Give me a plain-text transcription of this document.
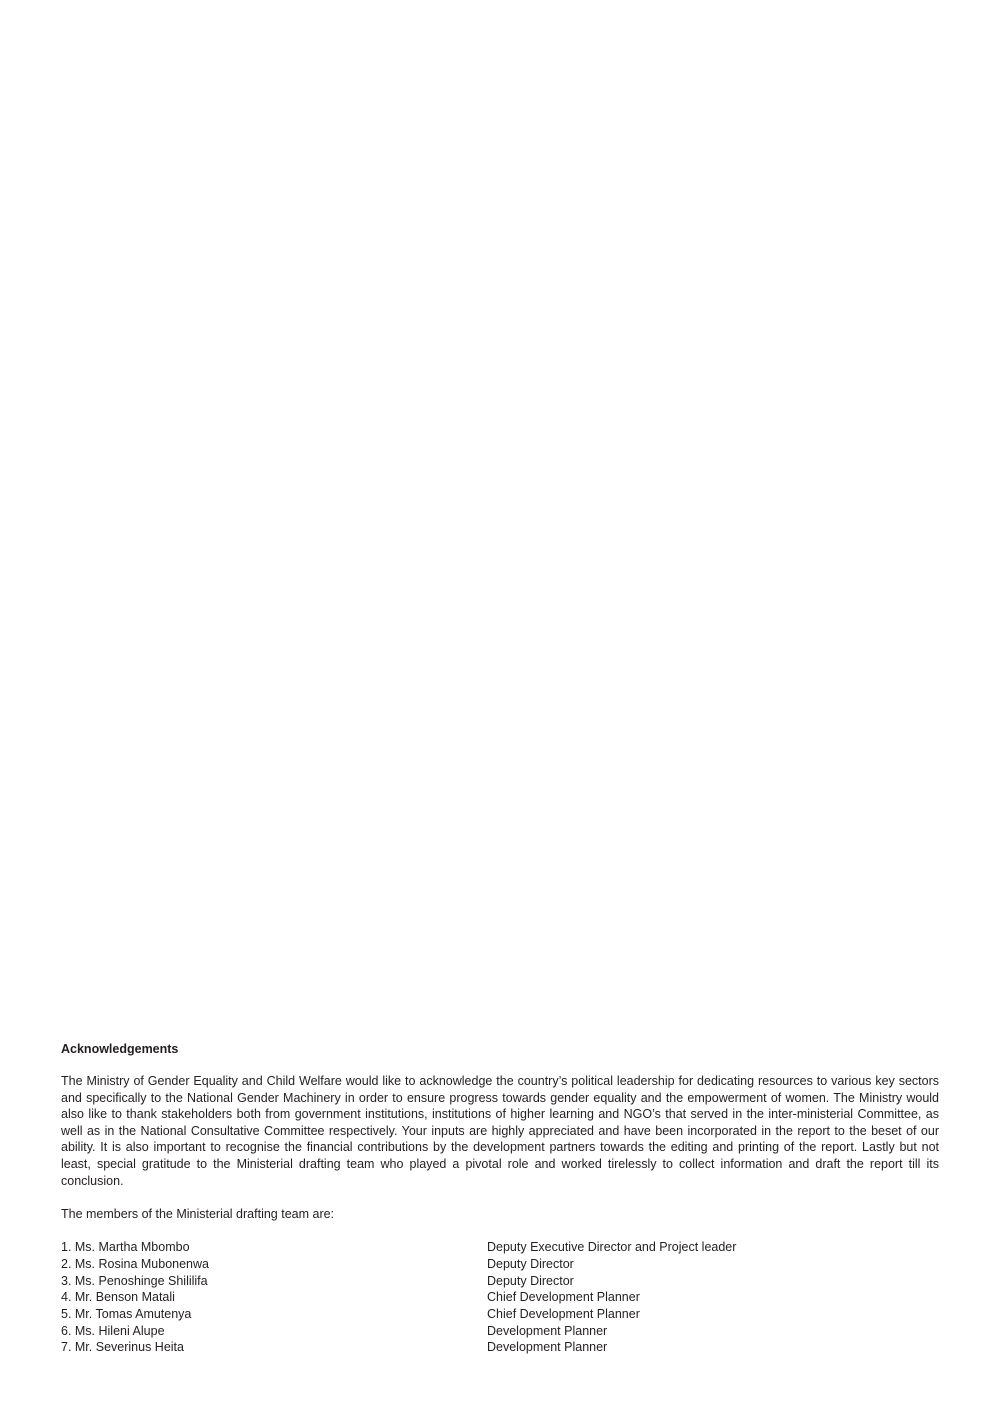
Acknowledgements

The Ministry of Gender Equality and Child Welfare would like to acknowledge the country’s political leadership for dedicating resources to various key sectors and specifically to the National Gender Machinery in order to ensure progress towards gender equality and the empowerment of women. The Ministry would also like to thank stakeholders both from government institutions, institutions of higher learning and NGO’s that served in the inter-ministerial Committee, as well as in the National Consultative Committee respectively. Your inputs are highly appreciated and have been incorporated in the report to the beset of our ability. It is also important to recognise the financial contributions by the development partners towards the editing and printing of the report. Lastly but not least, special gratitude to the Ministerial drafting team who played a pivotal role and worked tirelessly to collect information and draft the report till its conclusion.

The members of the Ministerial drafting team are:
1. Ms. Martha Mbombo	Deputy Executive Director and Project leader
2. Ms. Rosina Mubonenwa	Deputy Director
3. Ms. Penoshinge Shililifa	Deputy Director
4. Mr. Benson Matali	Chief Development Planner
5. Mr. Tomas Amutenya	Chief Development Planner
6. Ms. Hileni Alupe	Development Planner
7. Mr. Severinus Heita	Development Planner
